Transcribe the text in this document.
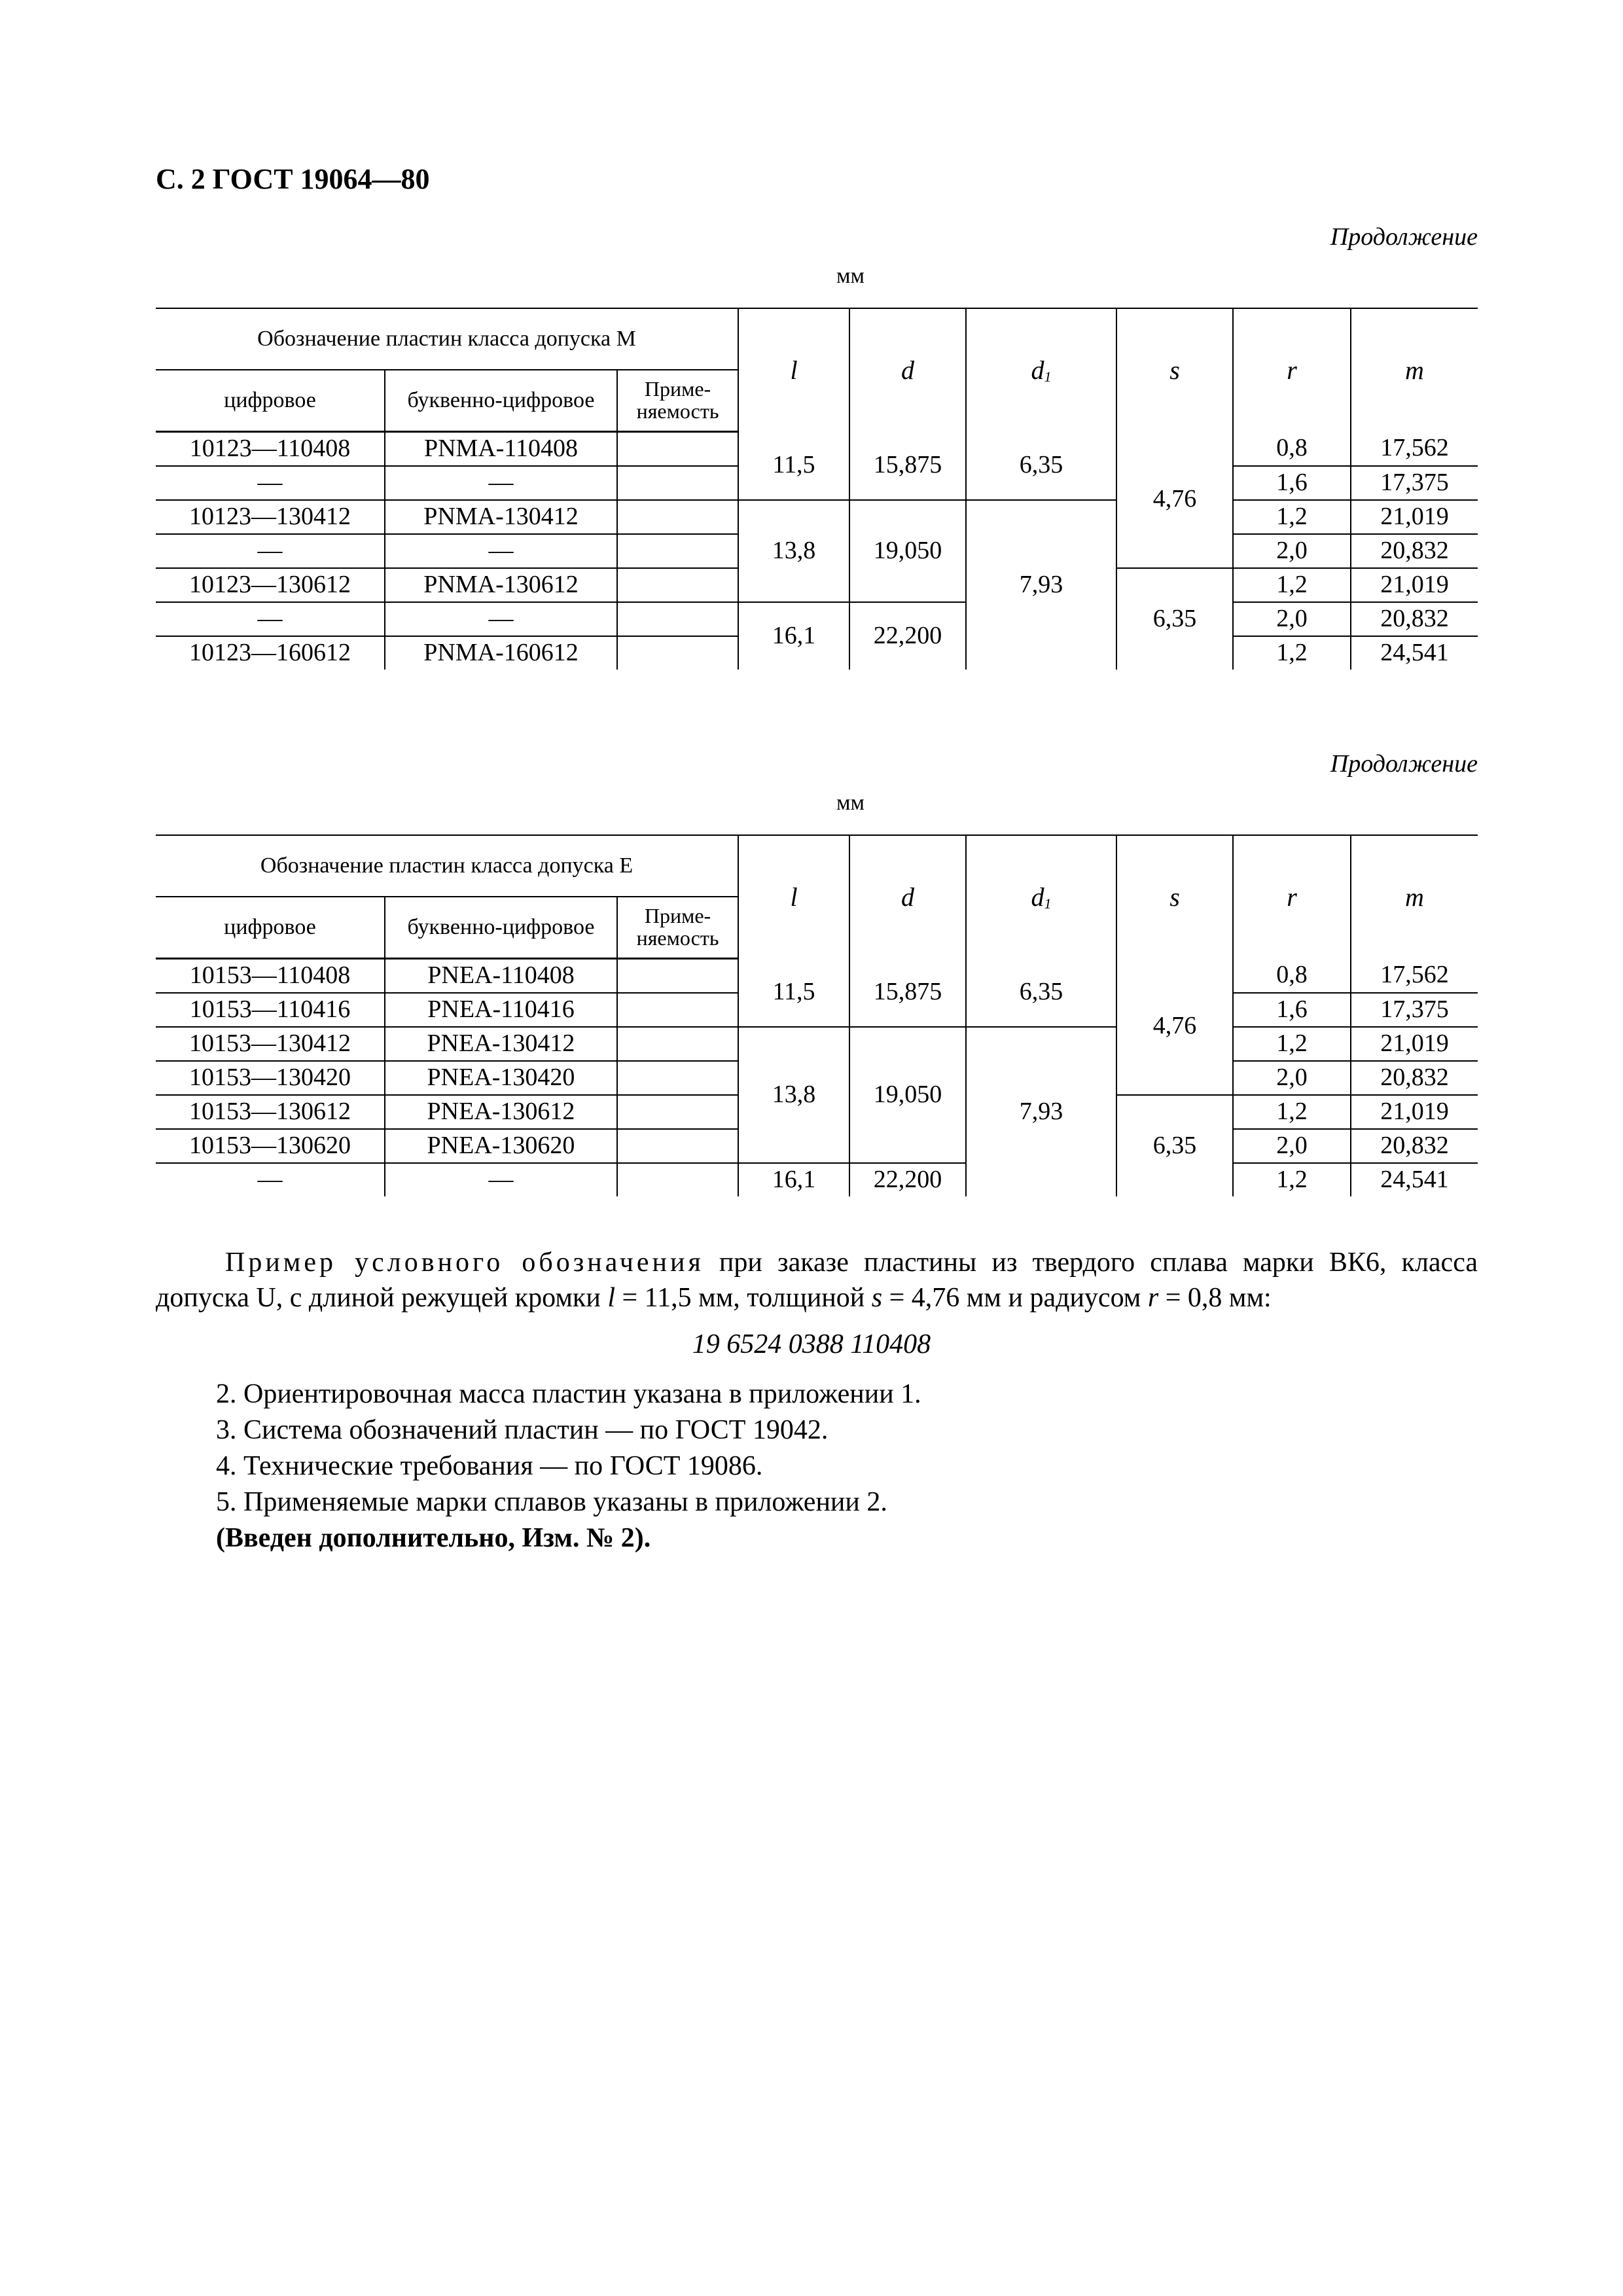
С. 2 ГОСТ 19064—80
Продолжение
мм
Обозначение пластин класса допуска M			l	d	$d_1$	s	r	m
цифровое	буквенно-цифровое	Приме-няемость						
10123—110408	PNMA-110408		11,5	15,875	6,35	4,76	0,8	17,562
—	—						1,6	17,375
10123—130412	PNMA-130412		13,8	19,050	7,93		1,2	21,019
—	—						2,0	20,832
10123—130612	PNMA-130612					6,35	1,2	21,019
—	—		16,1	22,200			2,0	20,832
10123—160612	PNMA-160612						1,2	24,541
Продолжение
мм
Обозначение пластин класса допуска E			l	d	$d_1$	s	r	m
цифровое	буквенно-цифровое	Приме-няемость						
10153—110408	PNEA-110408		11,5	15,875	6,35	4,76	0,8	17,562
10153—110416	PNEA-110416						1,6	17,375
10153—130412	PNEA-130412		13,8	19,050	7,93		1,2	21,019
10153—130420	PNEA-130420						2,0	20,832
10153—130612	PNEA-130612					6,35	1,2	21,019
10153—130620	PNEA-130620						2,0	20,832
—	—		16,1	22,200			1,2	24,541
Пример условного обозначения при заказе пластины из твердого сплава марки ВК6, класса допуска U, с длиной режущей кромки l = 11,5 мм, толщиной s = 4,76 мм и радиусом r = 0,8 мм:
19 6524 0388 110408
2. Ориентировочная масса пластин указана в приложении 1.
3. Система обозначений пластин — по ГОСТ 19042.
4. Технические требования — по ГОСТ 19086.
5. Применяемые марки сплавов указаны в приложении 2.
(Введен дополнительно, Изм. № 2).
